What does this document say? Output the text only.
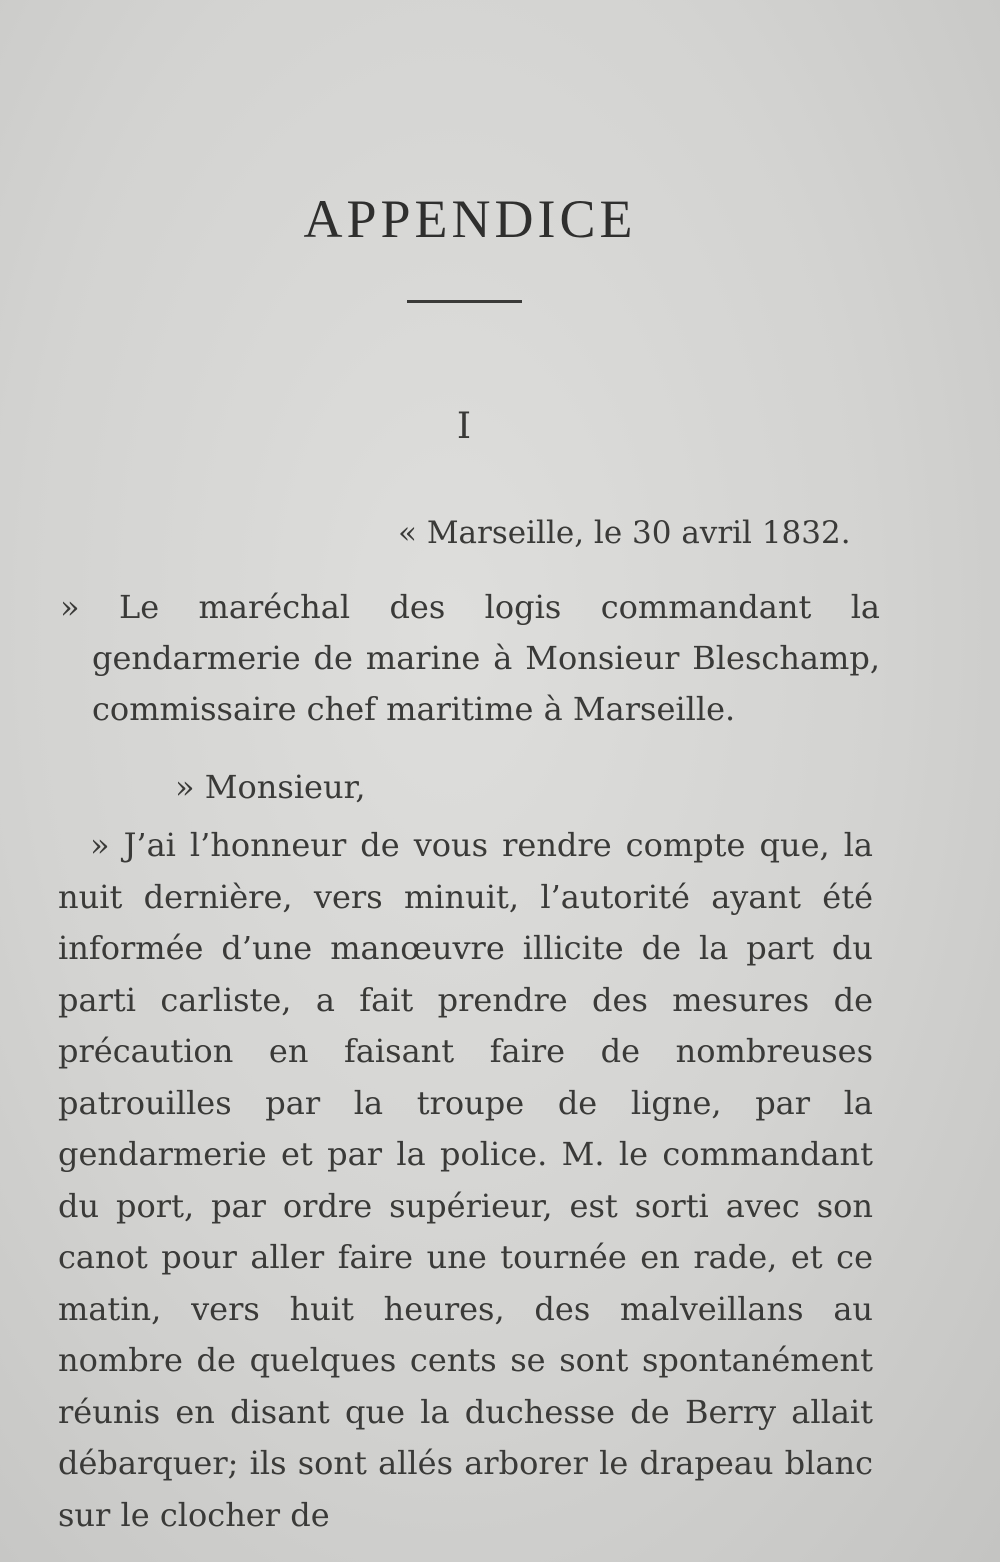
APPENDICE
I
« Marseille, le 30 avril 1832.
» Le maréchal des logis commandant la gendarmerie de marine à Monsieur Bleschamp, commissaire chef maritime à Marseille.
» Monsieur,
» J’ai l’honneur de vous rendre compte que, la nuit dernière, vers minuit, l’autorité ayant été informée d’une manœuvre illicite de la part du parti carliste, a fait prendre des mesures de précaution en faisant faire de nombreuses patrouilles par la troupe de ligne, par la gendarmerie et par la police. M. le commandant du port, par ordre supérieur, est sorti avec son canot pour aller faire une tournée en rade, et ce matin, vers huit heures, des malveillans au nombre de quelques cents se sont spontanément réunis en disant que la duchesse de Berry allait débarquer; ils sont allés arborer le drapeau blanc sur le clocher de
